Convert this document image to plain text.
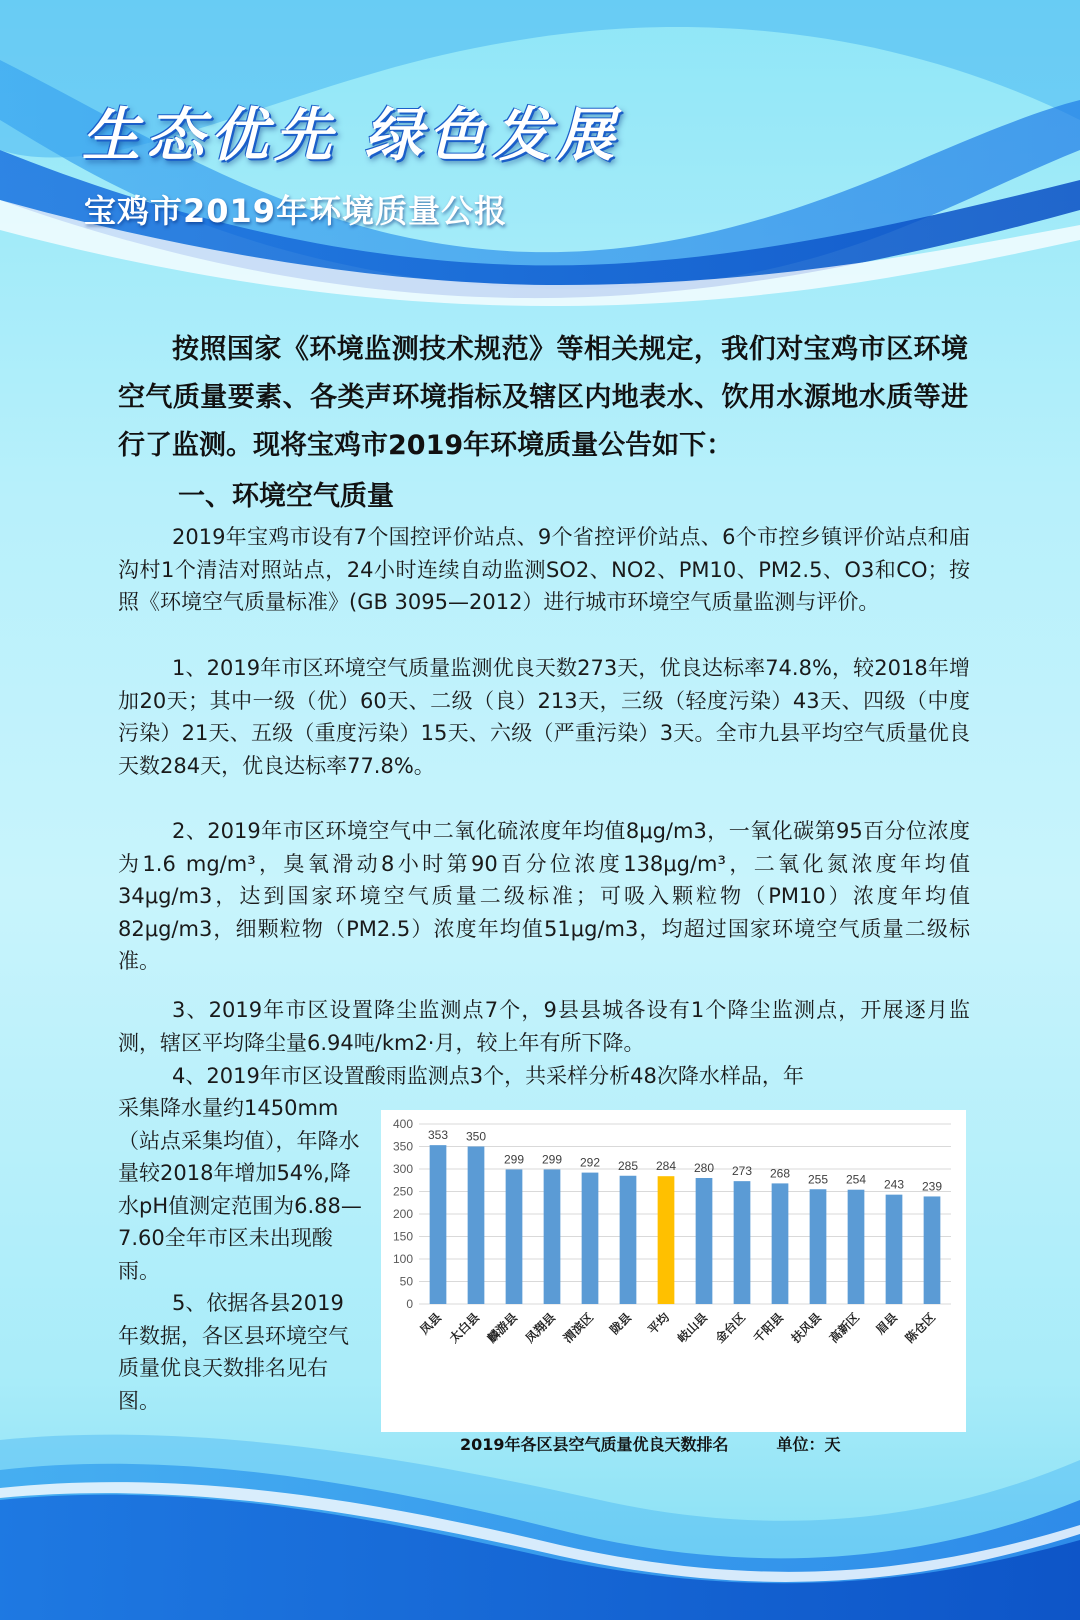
生态优先 绿色发展
宝鸡市2019年环境质量公报

按照国家《环境监测技术规范》等相关规定，我们对宝鸡市区环境空气质量要素、各类声环境指标及辖区内地表水、饮用水源地水质等进行了监测。现将宝鸡市2019年环境质量公告如下：

一、环境空气质量

2019年宝鸡市设有7个国控评价站点、9个省控评价站点、6个市控乡镇评价站点和庙沟村1个清洁对照站点，24小时连续自动监测SO2、NO2、PM10、PM2.5、O3和CO；按照《环境空气质量标准》(GB 3095—2012）进行城市环境空气质量监测与评价。

1、2019年市区环境空气质量监测优良天数273天，优良达标率74.8%，较2018年增加20天；其中一级（优）60天、二级（良）213天，三级（轻度污染）43天、四级（中度污染）21天、五级（重度污染）15天、六级（严重污染）3天。全市九县平均空气质量优良天数284天，优良达标率77.8%。

2、2019年市区环境空气中二氧化硫浓度年均值8μg/m3，一氧化碳第95百分位浓度为1.6 mg/m³，臭氧滑动8小时第90百分位浓度138μg/m³，二氧化氮浓度年均值34μg/m3，达到国家环境空气质量二级标准；可吸入颗粒物（PM10）浓度年均值82μg/m3，细颗粒物（PM2.5）浓度年均值51μg/m3，均超过国家环境空气质量二级标准。

3、2019年市区设置降尘监测点7个，9县县城各设有1个降尘监测点，开展逐月监测，辖区平均降尘量6.94吨/km2·月，较上年有所下降。

4、2019年市区设置酸雨监测点3个，共采样分析48次降水样品，年

采集降水量约1450mm（站点采集均值），年降水量较2018年增加54%,降水pH值测定范围为6.88—7.60全年市区未出现酸雨。

5、依据各县2019年数据，各区县环境空气质量优良天数排名见右图。

0
50
100
150
200
250
300
350
400
353
凤县
350
太白县
299
麟游县
299
凤翔县
292
渭滨区
285
陇县
284
平均
280
岐山县
273
金台区
268
千阳县
255
扶风县
254
高新区
243
眉县
239
陈仓区
2019年各区县空气质量优良天数排名	单位：天
